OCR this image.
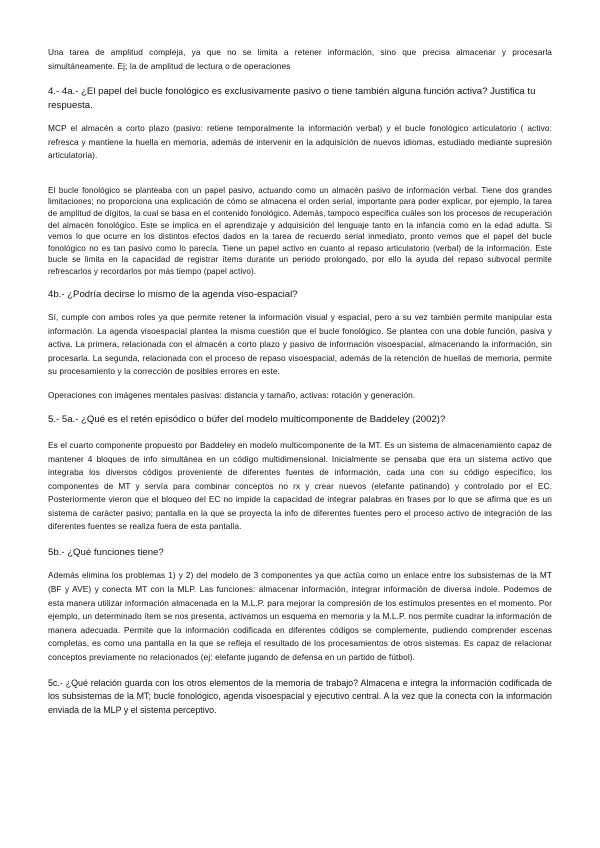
Una tarea de amplitud compleja, ya que no se limita a retener información, sino que precisa almacenar y procesarla simultáneamente. Ej; la de amplitud de lectura o de operaciones

4.- 4a.- ¿El papel del bucle fonológico es exclusivamente pasivo o tiene también alguna función activa? Justifica tu respuesta.

MCP el almacén a corto plazo (pasivo: retiene temporalmente la información verbal) y el bucle fonológico articulatorio ( activo: refresca y mantiene la huella en memoria, además de intervenir en la adquisición de nuevos idiomas, estudiado mediante supresión articulatoria).

El bucle fonológico se planteaba con un papel pasivo, actuando como un almacén pasivo de información verbal. Tiene dos grandes limitaciones; no proporciona una explicación de cómo se almacena el orden serial, importante para poder explicar, por ejemplo, la tarea de amplitud de dígitos, la cual se basa en el contenido fonológico. Además, tampoco especifica cuáles son los procesos de recuperación del almacén fonológico. Este se implica en el aprendizaje y adquisición del lenguaje tanto en la infancia como en la edad adulta. Si vemos lo que ocurre en los distintos efectos dados en la tarea de recuerdo serial inmediato, pronto vemos que el papel del bucle fonológico no es tan pasivo como lo parecía. Tiene un papel activo en cuanto al repaso articulatorio (verbal) de la información. Este bucle se limita en la capacidad de registrar ítems durante un periodo prolongado, por ello la ayuda del repaso subvocal permite refrescarlos y recordarlos por más tiempo (papel activo).

4b.- ¿Podría decirse lo mismo de la agenda viso-espacial?

Sí, cumple con ambos roles ya que permite retener la información visual y espacial, pero a su vez también permite manipular esta información. La agenda visoespacial plantea la misma cuestión que el bucle fonológico. Se plantea con una doble función, pasiva y activa. La primera, relacionada con el almacén a corto plazo y pasivo de información visoespacial, almacenando la información, sin procesarla. La segunda, relacionada con el proceso de repaso visoespacial, además de la retención de huellas de memoria, permite su procesamiento y la corrección de posibles errores en este.

Operaciones con imágenes mentales pasivas: distancia y tamaño, activas: rotación y generación.

5.- 5a.- ¿Qué es el retén episódico o búfer del modelo multicomponente de Baddeley (2002)?

Es el cuarto componente propuesto por Baddeley en modelo multicomponente de la MT. Es un sistema de almacenamiento capaz de mantener 4 bloques de info simultánea en un código multidimensional. Inicialmente se pensaba que era un sistema activo que integraba los diversos códigos proveniente de diferentes fuentes de información, cada una con su código específico, los componentes de MT y servía para combinar conceptos no rx y crear nuevos (elefante patinando) y controlado por el EC. Posteriormente vieron que el bloqueo del EC no impide la capacidad de integrar palabras en frases por lo que se afirma que es un sistema de carácter pasivo; pantalla en la que se proyecta la info de diferentes fuentes pero el proceso activo de integración de las diferentes fuentes se realiza fuera de esta pantalla.

5b.- ¿Qué funciones tiene?

Además elimina los problemas 1) y 2) del modelo de 3 componentes ya que actúa como un enlace entre los subsistemas de la MT (BF y AVE) y conecta MT con la MLP. Las funciones: almacenar información, integrar información de diversa índole. Podemos de esta manera utilizar información almacenada en la M.L.P. para mejorar la compresión de los estímulos presentes en el momento. Por ejemplo, un determinado ítem se nos presenta, activamos un esquema en memoria y la M.L.P. nos permite cuadrar la información de manera adecuada. Permite que la información codificada en diferentes códigos se complemente, pudiendo comprender escenas completas, es como una pantalla en la que se refleja el resultado de los procesamientos de otros sistemas. Es capaz de relacionar conceptos previamente no relacionados (ej: elefante jugando de defensa en un partido de fútbol).

5c.- ¿Qué relación guarda con los otros elementos de la memoria de trabajo? Almacena e integra la información codificada de los subsistemas de la MT; bucle fonológico, agenda visoespacial y ejecutivo central. A la vez que la conecta con la información enviada de la MLP y el sistema perceptivo.
